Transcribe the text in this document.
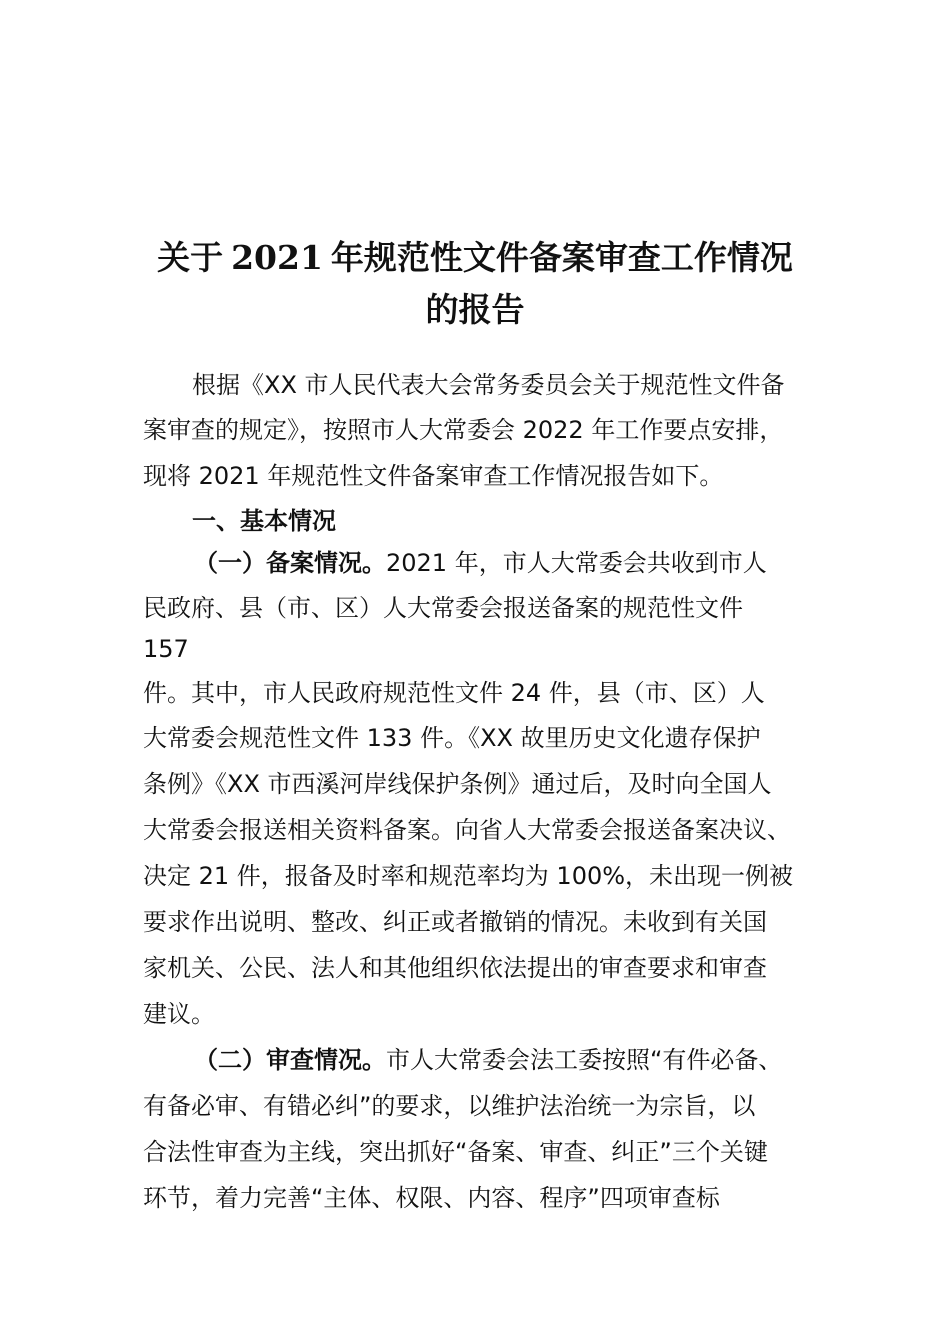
关于 2021 年规范性文件备案审查工作情况
的报告
根据《XX 市人民代表大会常务委员会关于规范性文件备
案审查的规定》，按照市人大常委会 2022 年工作要点安排，
现将 2021 年规范性文件备案审查工作情况报告如下。
一、基本情况
（一）备案情况。2021 年，市人大常委会共收到市人
民政府、县（市、区）人大常委会报送备案的规范性文件
157
件。其中，市人民政府规范性文件 24 件，县（市、区）人
大常委会规范性文件 133 件。《XX 故里历史文化遗存保护
条例》《XX 市西溪河岸线保护条例》通过后，及时向全国人
大常委会报送相关资料备案。向省人大常委会报送备案决议、
决定 21 件，报备及时率和规范率均为 100%，未出现一例被
要求作出说明、整改、纠正或者撤销的情况。未收到有关国
家机关、公民、法人和其他组织依法提出的审查要求和审查
建议。
（二）审查情况。市人大常委会法工委按照“有件必备、
有备必审、有错必纠”的要求，以维护法治统一为宗旨，以
合法性审查为主线，突出抓好“备案、审查、纠正”三个关键
环节，着力完善“主体、权限、内容、程序”四项审查标
